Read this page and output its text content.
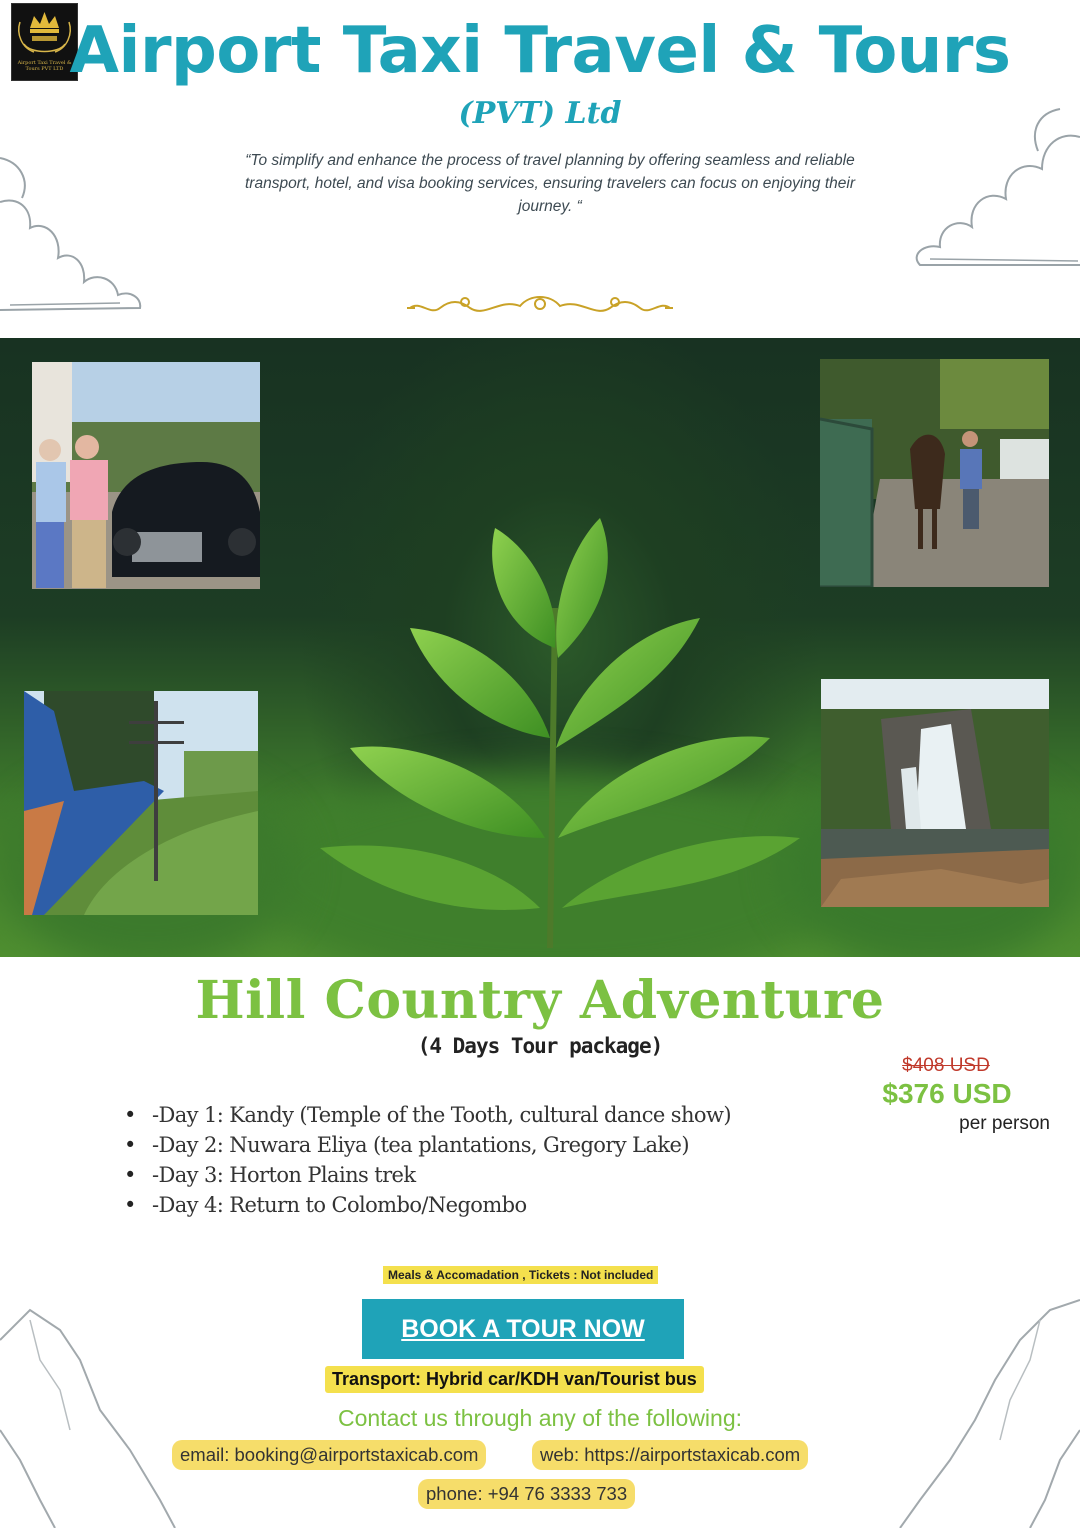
Airport Taxi Travel & Tours PVT LTD Airport Taxi Travel & Tours
(PVT) Ltd
“To simplify and enhance the process of travel planning by offering seamless and reliable transport, hotel, and visa booking services, ensuring travelers can focus on enjoying their journey. “
Hill Country Adventure
(4 Days Tour package)
$408 USD
$376 USD
per person
• -Day 1: Kandy (Temple of the Tooth, cultural dance show)
• -Day 2: Nuwara Eliya (tea plantations, Gregory Lake)
• -Day 3: Horton Plains trek
• -Day 4: Return to Colombo/Negombo
Meals & Accomadation , Tickets : Not included
BOOK A TOUR NOW
Transport: Hybrid car/KDH van/Tourist bus
Contact us through any of the following:
email: booking@airportstaxicab.com	web: https://airportstaxicab.com
phone: +94 76 3333 733
